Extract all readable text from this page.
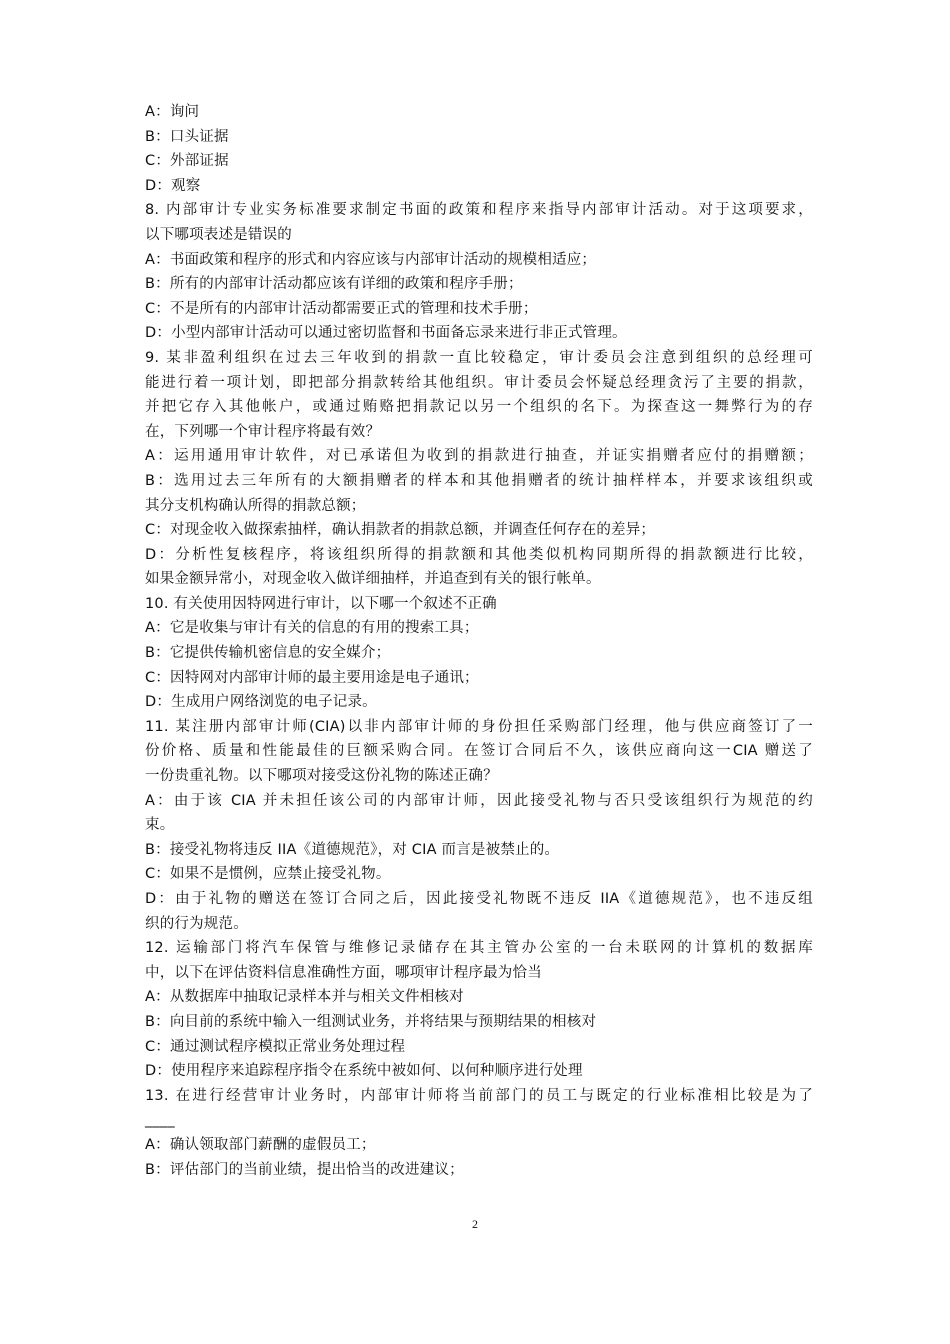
A：询问
B：口头证据
C：外部证据
D：观察
8. 内部审计专业实务标准要求制定书面的政策和程序来指导内部审计活动。对于这项要求，
以下哪项表述是错误的
A：书面政策和程序的形式和内容应该与内部审计活动的规模相适应；
B：所有的内部审计活动都应该有详细的政策和程序手册；
C：不是所有的内部审计活动都需要正式的管理和技术手册；
D：小型内部审计活动可以通过密切监督和书面备忘录来进行非正式管理。
9. 某非盈利组织在过去三年收到的捐款一直比较稳定，审计委员会注意到组织的总经理可
能进行着一项计划，即把部分捐款转给其他组织。审计委员会怀疑总经理贪污了主要的捐款，
并把它存入其他帐户，或通过贿赂把捐款记以另一个组织的名下。为探查这一舞弊行为的存
在，下列哪一个审计程序将最有效？
A：运用通用审计软件，对已承诺但为收到的捐款进行抽查，并证实捐赠者应付的捐赠额；
B：选用过去三年所有的大额捐赠者的样本和其他捐赠者的统计抽样样本，并要求该组织或
其分支机构确认所得的捐款总额；
C：对现金收入做探索抽样，确认捐款者的捐款总额，并调查任何存在的差异；
D：分析性复核程序，将该组织所得的捐款额和其他类似机构同期所得的捐款额进行比较，
如果金额异常小，对现金收入做详细抽样，并追查到有关的银行帐单。
10. 有关使用因特网进行审计，以下哪一个叙述不正确
A：它是收集与审计有关的信息的有用的搜索工具；
B：它提供传输机密信息的安全媒介；
C：因特网对内部审计师的最主要用途是电子通讯；
D：生成用户网络浏览的电子记录。
11. 某注册内部审计师(CIA)以非内部审计师的身份担任采购部门经理，他与供应商签订了一
份价格、质量和性能最佳的巨额采购合同。在签订合同后不久，该供应商向这一CIA 赠送了
一份贵重礼物。以下哪项对接受这份礼物的陈述正确？
A：由于该 CIA 并未担任该公司的内部审计师，因此接受礼物与否只受该组织行为规范的约
束。
B：接受礼物将违反 IIA《道德规范》，对 CIA 而言是被禁止的。
C：如果不是惯例，应禁止接受礼物。
D：由于礼物的赠送在签订合同之后，因此接受礼物既不违反 IIA《道德规范》，也不违反组
织的行为规范。
12. 运输部门将汽车保管与维修记录储存在其主管办公室的一台未联网的计算机的数据库
中，以下在评估资料信息准确性方面，哪项审计程序最为恰当
A：从数据库中抽取记录样本并与相关文件相核对
B：向目前的系统中输入一组测试业务，并将结果与预期结果的相核对
C：通过测试程序模拟正常业务处理过程
D：使用程序来追踪程序指令在系统中被如何、以何种顺序进行处理
13. 在进行经营审计业务时，内部审计师将当前部门的员工与既定的行业标准相比较是为了
____
A：确认领取部门薪酬的虚假员工；
B：评估部门的当前业绩，提出恰当的改进建议；
2
